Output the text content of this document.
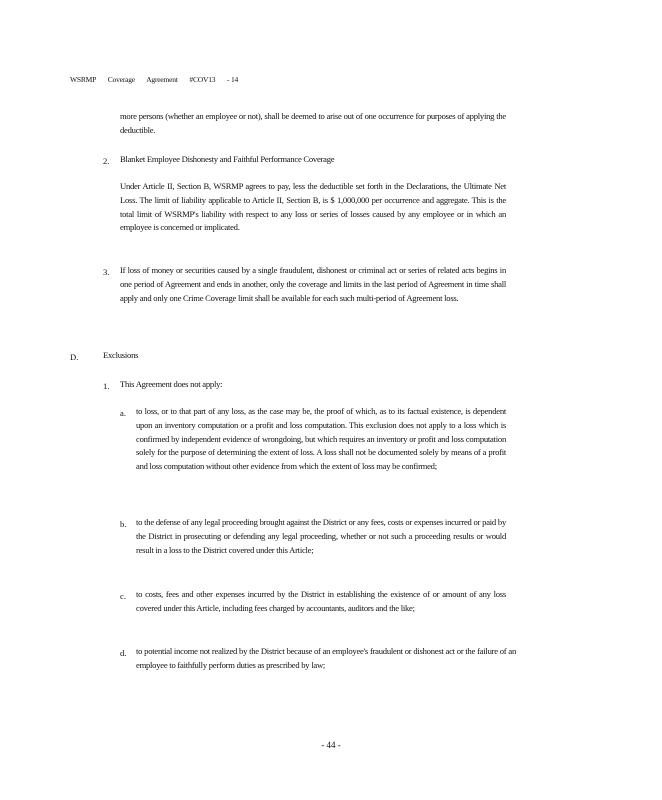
WSRMP Coverage Agreement #COV13 - 14
more persons (whether an employee or not), shall be deemed to arise out of one occurrence for purposes of applying the deductible.
2. Blanket Employee Dishonesty and Faithful Performance Coverage
Under Article II, Section B, WSRMP agrees to pay, less the deductible set forth in the Declarations, the Ultimate Net Loss. The limit of liability applicable to Article II, Section B, is $ 1,000,000 per occurrence and aggregate. This is the total limit of WSRMP's liability with respect to any loss or series of losses caused by any employee or in which an employee is concerned or implicated.
3. If loss of money or securities caused by a single fraudulent, dishonest or criminal act or series of related acts begins in one period of Agreement and ends in another, only the coverage and limits in the last period of Agreement in time shall apply and only one Crime Coverage limit shall be available for each such multi-period of Agreement loss.
D.	Exclusions
1. This Agreement does not apply:
a. to loss, or to that part of any loss, as the case may be, the proof of which, as to its factual existence, is dependent upon an inventory computation or a profit and loss computation. This exclusion does not apply to a loss which is confirmed by independent evidence of wrongdoing, but which requires an inventory or profit and loss computation solely for the purpose of determining the extent of loss. A loss shall not be documented solely by means of a profit and loss computation without other evidence from which the extent of loss may be confirmed;
b. to the defense of any legal proceeding brought against the District or any fees, costs or expenses incurred or paid by the District in prosecuting or defending any legal proceeding, whether or not such a proceeding results or would result in a loss to the District covered under this Article;
c. to costs, fees and other expenses incurred by the District in establishing the existence of or amount of any loss covered under this Article, including fees charged by accountants, auditors and the like;
d. to potential income not realized by the District because of an employee's fraudulent or dishonest act or the failure of an employee to faithfully perform duties as prescribed by law;
- 44 -
